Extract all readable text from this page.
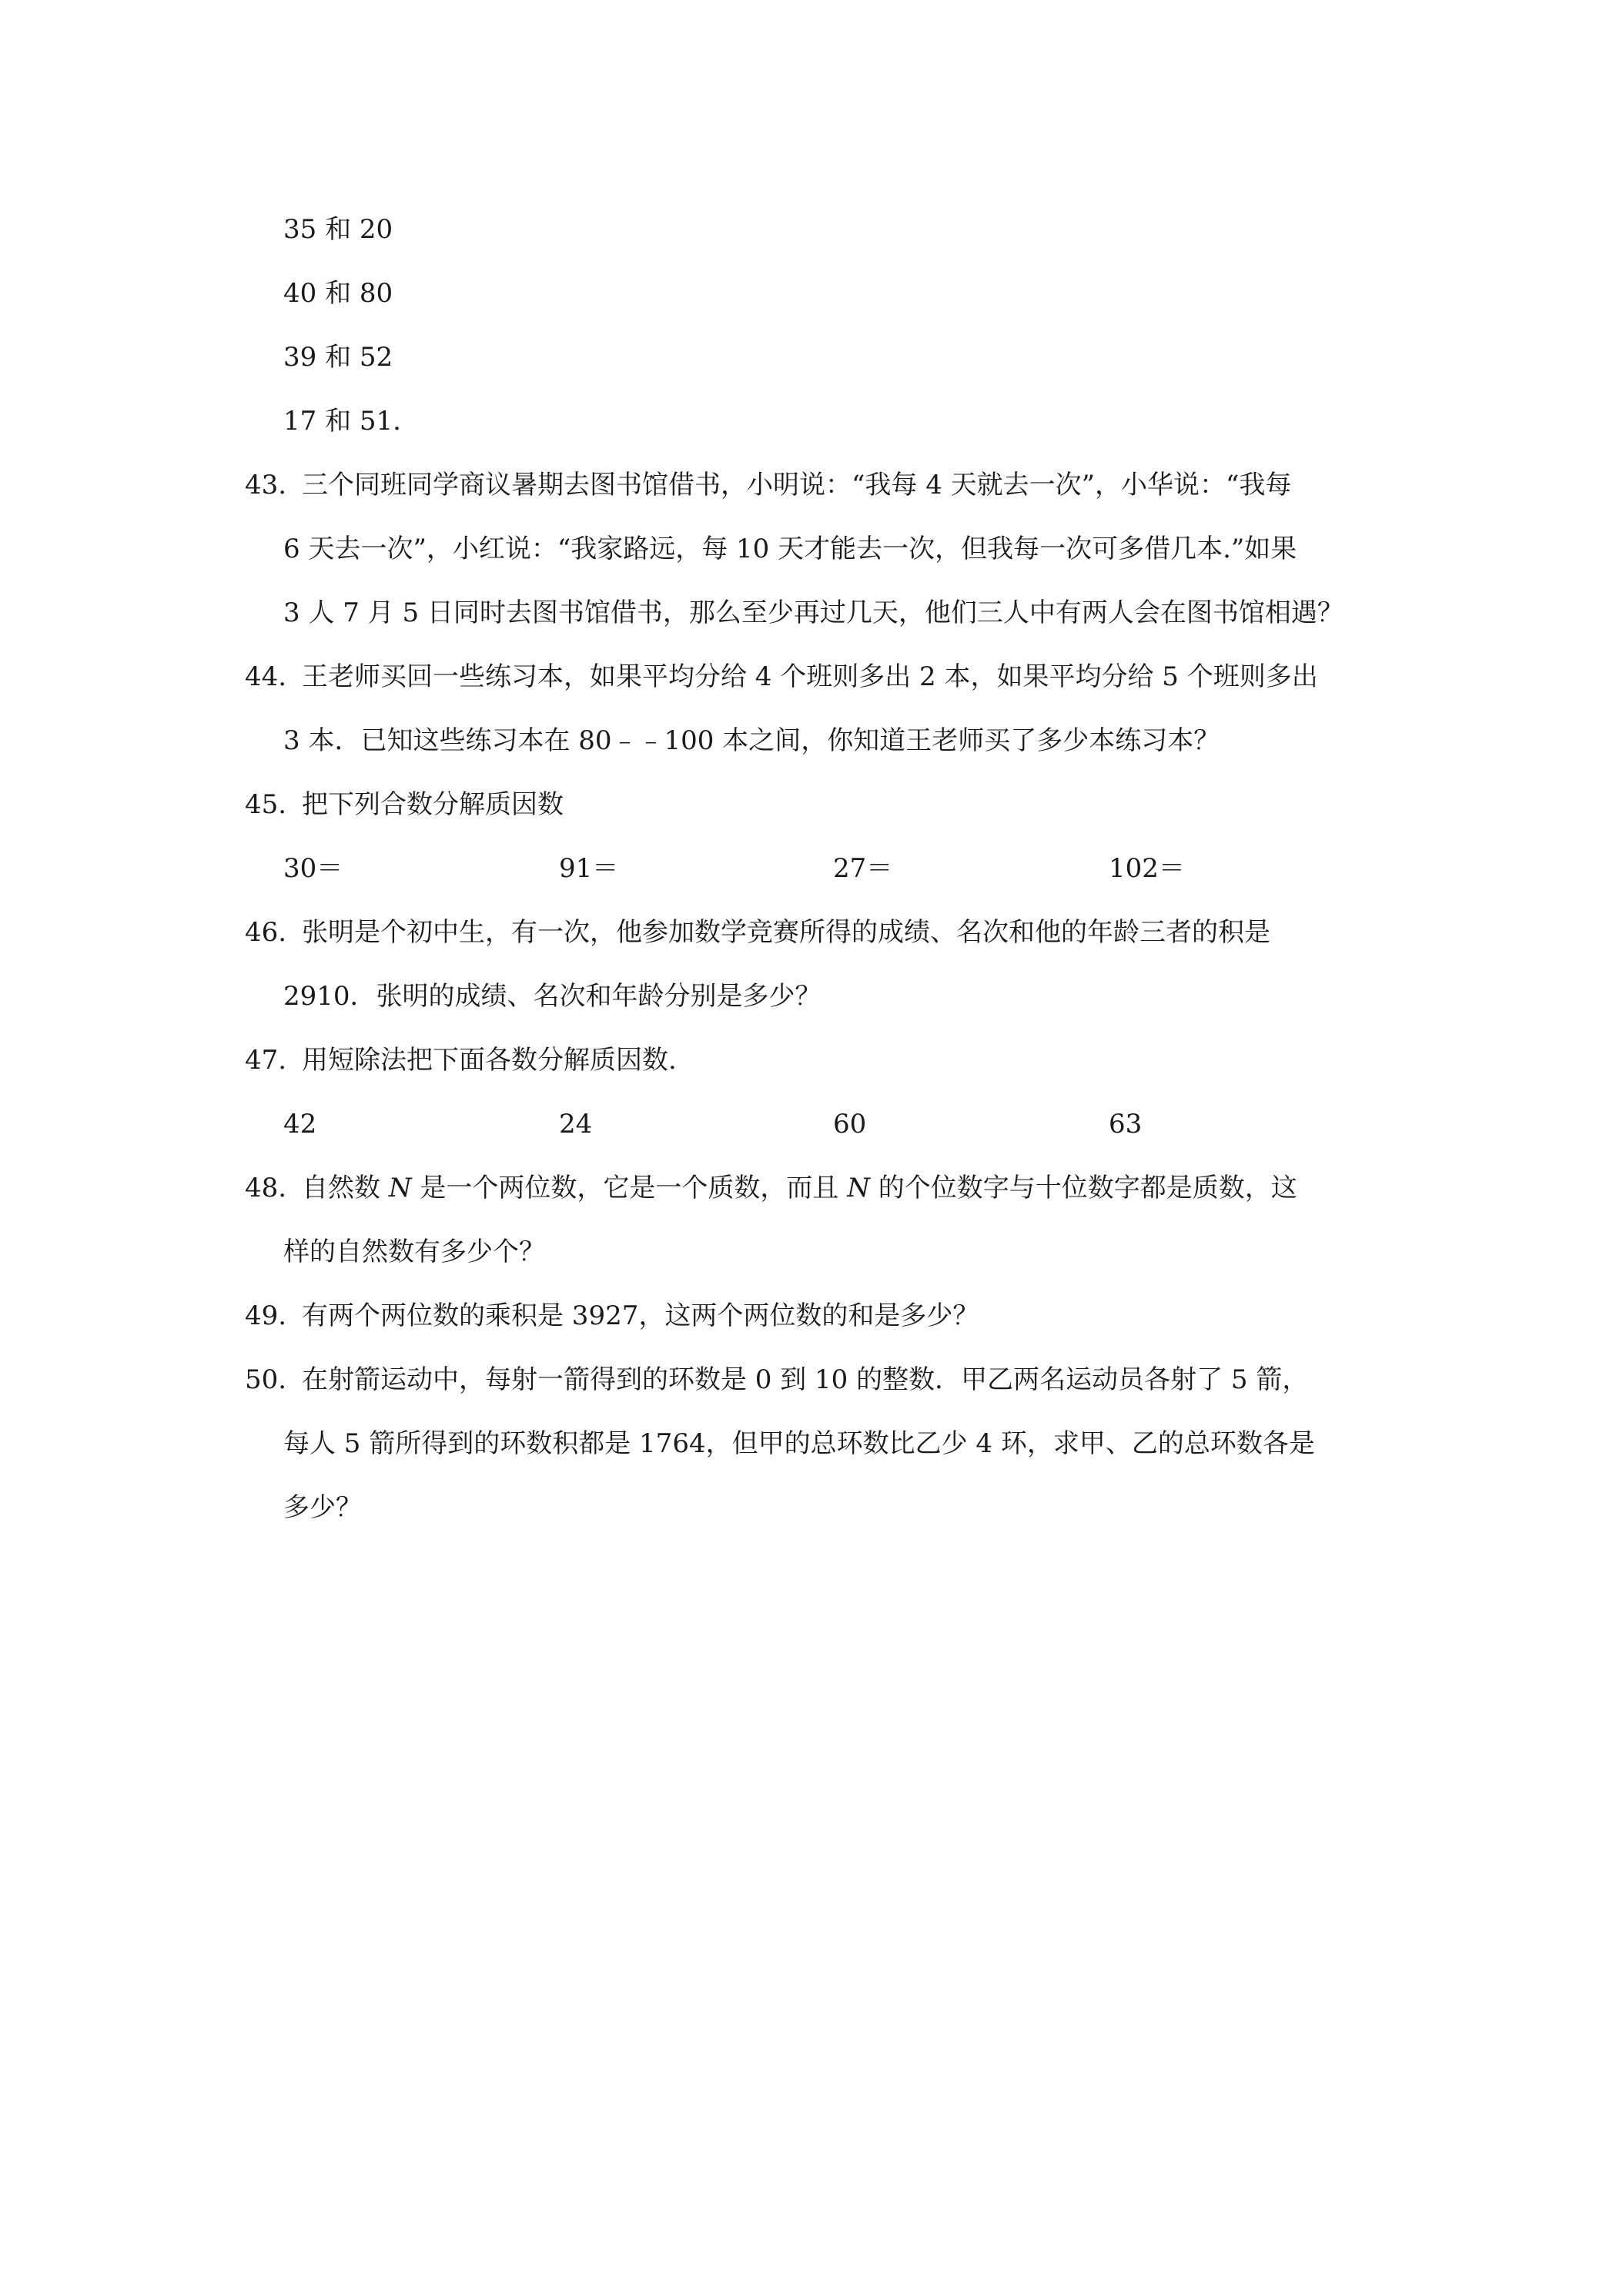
35 和 20
40 和 80
39 和 52
17 和 51.
43. 三个同班同学商议暑期去图书馆借书，小明说：“我每 4 天就去一次”，小华说：“我每
6 天去一次”，小红说：“我家路远，每 10 天才能去一次，但我每一次可多借几本.”如果
3 人 7 月 5 日同时去图书馆借书，那么至少再过几天，他们三人中有两人会在图书馆相遇？
44. 王老师买回一些练习本，如果平均分给 4 个班则多出 2 本，如果平均分给 5 个班则多出
3 本．已知这些练习本在 80﹣﹣100 本之间，你知道王老师买了多少本练习本？
45. 把下列合数分解质因数
30＝	91＝	27＝	102＝
46. 张明是个初中生，有一次，他参加数学竞赛所得的成绩、名次和他的年龄三者的积是
2910．张明的成绩、名次和年龄分别是多少？
47. 用短除法把下面各数分解质因数.
42	24	60	63
48. 自然数 N 是一个两位数，它是一个质数，而且 N 的个位数字与十位数字都是质数，这
样的自然数有多少个？
49. 有两个两位数的乘积是 3927，这两个两位数的和是多少？
50. 在射箭运动中，每射一箭得到的环数是 0 到 10 的整数．甲乙两名运动员各射了 5 箭，
每人 5 箭所得到的环数积都是 1764，但甲的总环数比乙少 4 环，求甲、乙的总环数各是
多少？
